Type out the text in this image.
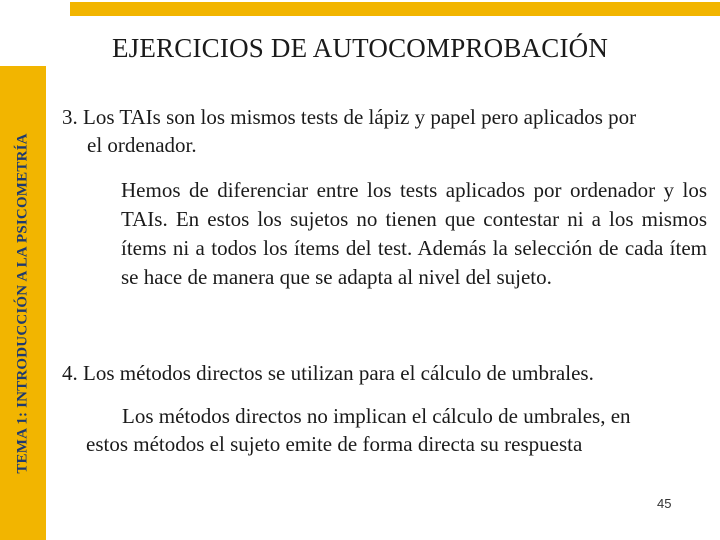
TEMA 1: INTRODUCCIÓN A LA PSICOMETRÍA
EJERCICIOS DE AUTOCOMPROBACIÓN

3. Los TAIs son los mismos tests de lápiz y papel pero aplicados por
el ordenador.

Hemos de diferenciar entre los tests aplicados por ordenador y los TAIs. En estos los sujetos no tienen que contestar ni a los mismos ítems ni a todos los ítems del test. Además la selección de cada ítem se hace de manera que se adapta al nivel del sujeto.

4. Los métodos directos se utilizan para el cálculo de umbrales.

Los métodos directos no implican el cálculo de umbrales, en
estos métodos el sujeto emite de forma directa su respuesta

45
